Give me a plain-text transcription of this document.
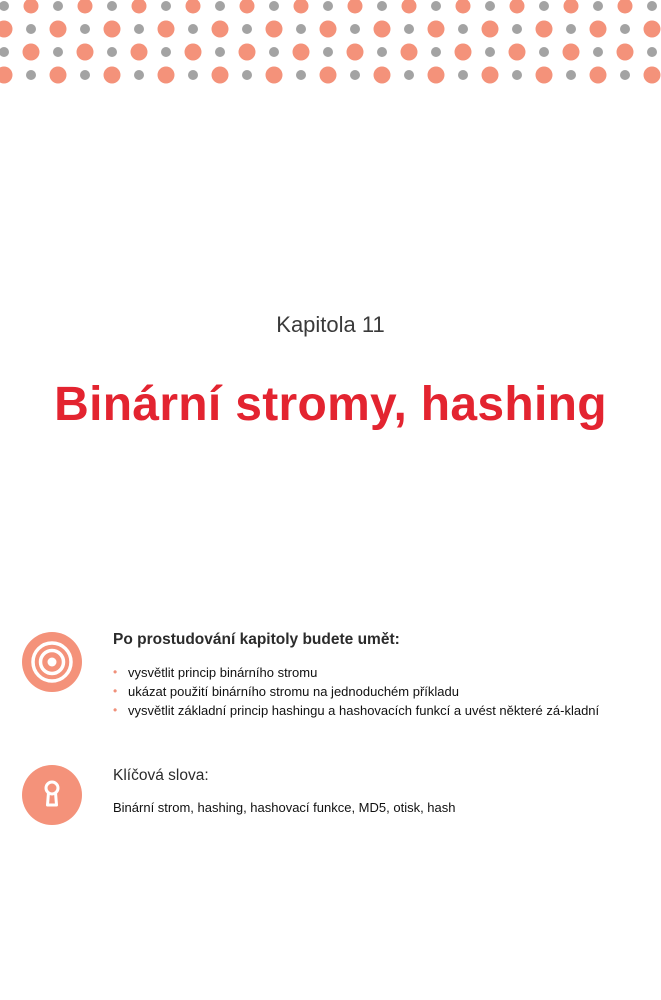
Kapitola 11
Binární stromy, hashing
Po prostudování kapitoly budete umět:
• vysvětlit princip binárního stromu
• ukázat použití binárního stromu na jednoduchém příkladu
• vysvětlit základní princip hashingu a hashovacích funkcí a uvést některé zá-kladní
Klíčová slova:
Binární strom, hashing, hashovací funkce, MD5, otisk, hash
